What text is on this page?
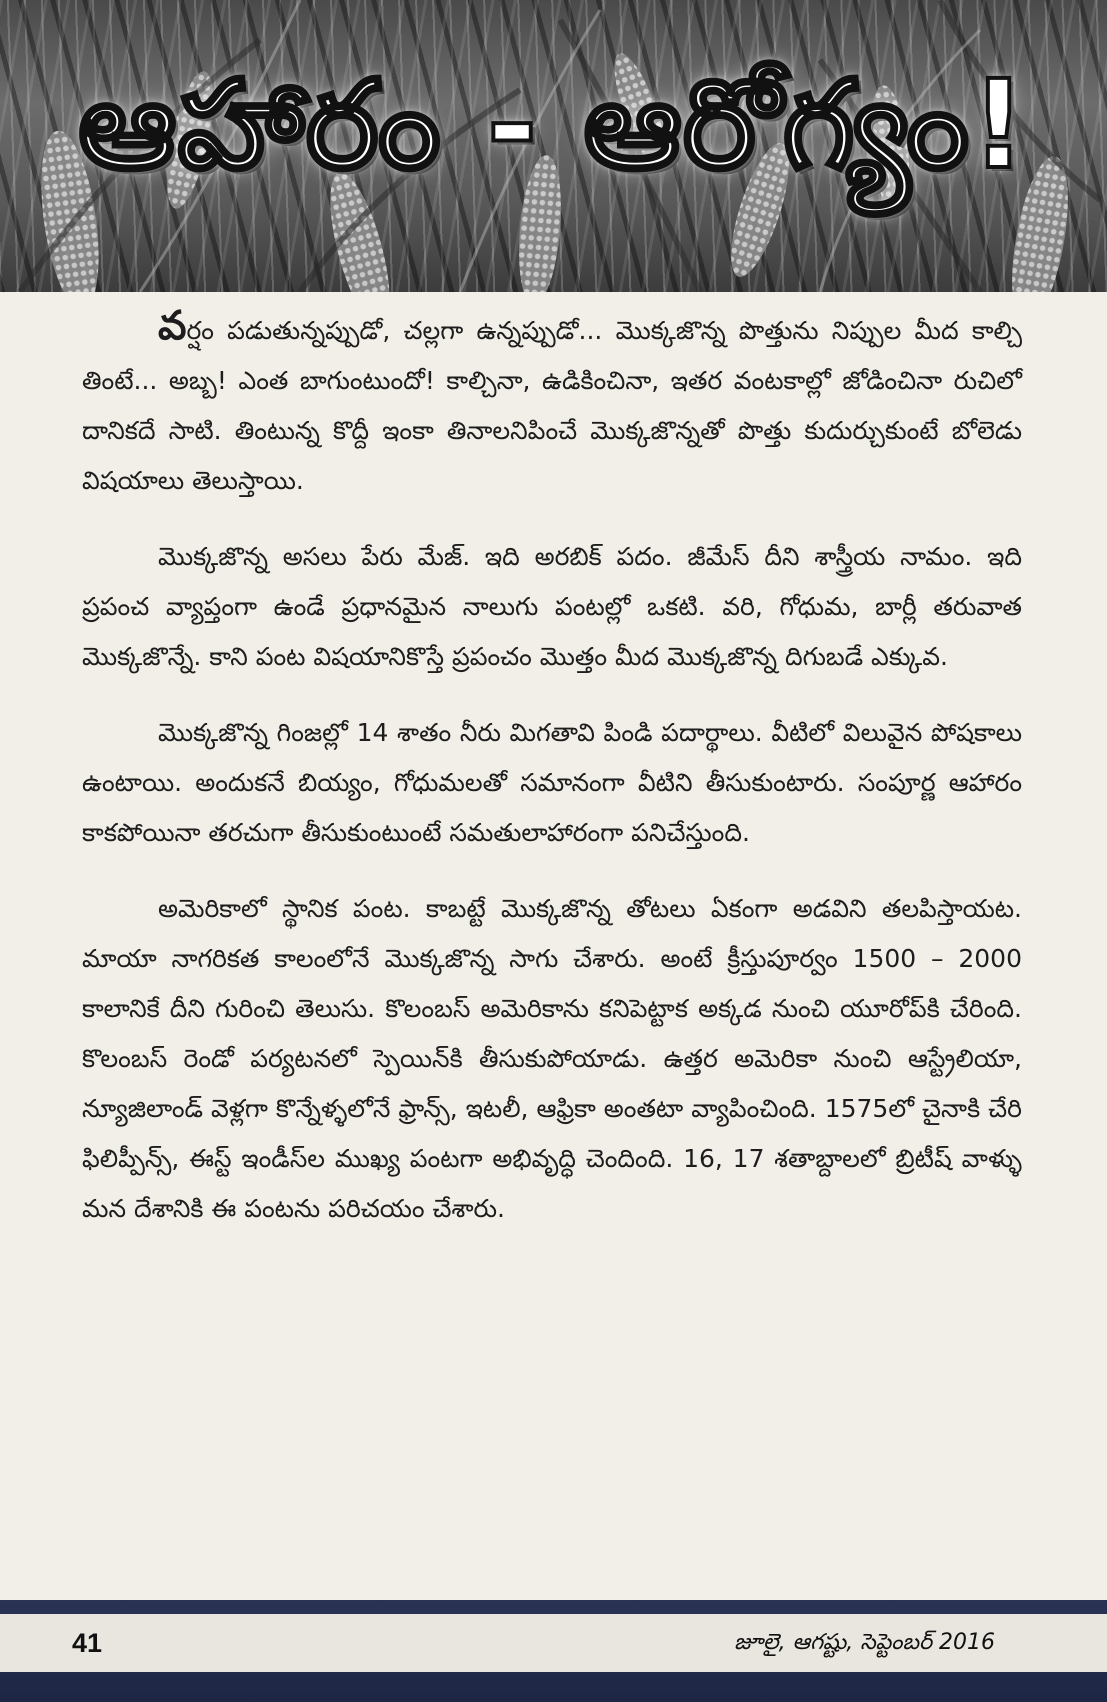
ఆహారం - ఆరోగ్యం!

వర్షం పడుతున్నప్పుడో, చల్లగా ఉన్నప్పుడో... మొక్కజొన్న పొత్తును నిప్పుల మీద కాల్చి తింటే... అబ్బ! ఎంత బాగుంటుందో! కాల్చినా, ఉడికించినా, ఇతర వంటకాల్లో జోడించినా రుచిలో దానికదే సాటి. తింటున్న కొద్దీ ఇంకా తినాలనిపించే మొక్కజొన్నతో పొత్తు కుదుర్చుకుంటే బోలెడు విషయాలు తెలుస్తాయి.

మొక్కజొన్న అసలు పేరు మేజ్. ఇది అరబిక్ పదం. జీమేస్ దీని శాస్త్రీయ నామం. ఇది ప్రపంచ వ్యాప్తంగా ఉండే ప్రధానమైన నాలుగు పంటల్లో ఒకటి. వరి, గోధుమ, బార్లీ తరువాత మొక్కజొన్నే. కాని పంట విషయానికొస్తే ప్రపంచం మొత్తం మీద మొక్కజొన్న దిగుబడే ఎక్కువ.

మొక్కజొన్న గింజల్లో 14 శాతం నీరు మిగతావి పిండి పదార్థాలు. వీటిలో విలువైన పోషకాలు ఉంటాయి. అందుకనే బియ్యం, గోధుమలతో సమానంగా వీటిని తీసుకుంటారు. సంపూర్ణ ఆహారం కాకపోయినా తరచుగా తీసుకుంటుంటే సమతులాహారంగా పనిచేస్తుంది.

అమెరికాలో స్థానిక పంట. కాబట్టే మొక్కజొన్న తోటలు ఏకంగా అడవిని తలపిస్తాయట. మాయా నాగరికత కాలంలోనే మొక్కజొన్న సాగు చేశారు. అంటే క్రీస్తుపూర్వం 1500 – 2000 కాలానికే దీని గురించి తెలుసు. కొలంబస్ అమెరికాను కనిపెట్టాక అక్కడ నుంచి యూరోప్‌కి చేరింది. కొలంబస్ రెండో పర్యటనలో స్పెయిన్‌కి తీసుకుపోయాడు. ఉత్తర అమెరికా నుంచి ఆస్ట్రేలియా, న్యూజిలాండ్ వెళ్లగా కొన్నేళ్ళలోనే ఫ్రాన్స్, ఇటలీ, ఆఫ్రికా అంతటా వ్యాపించింది. 1575లో చైనాకి చేరి ఫిలిప్పీన్స్, ఈస్ట్ ఇండీస్‌ల ముఖ్య పంటగా అభివృద్ధి చెందింది. 16, 17 శతాబ్దాలలో బ్రిటీష్ వాళ్ళు మన దేశానికి ఈ పంటను పరిచయం చేశారు.

41	జూలై, ఆగష్టు, సెప్టెంబర్ 2016
